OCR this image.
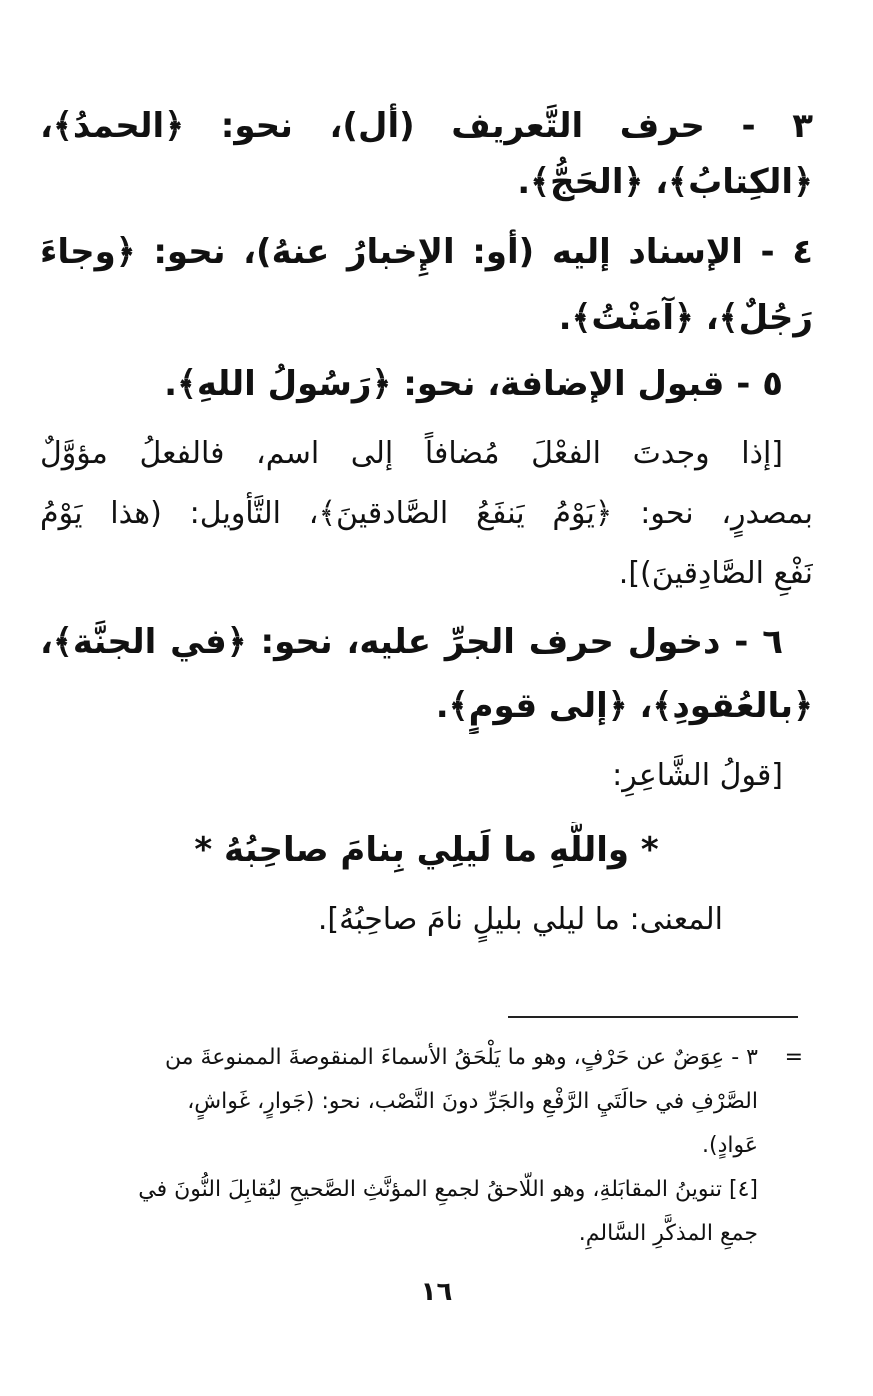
٣ - حرف التَّعريف (أل)، نحو: ﴿الحمدُ﴾،
﴿الكِتابُ﴾، ﴿الحَجُّ﴾.
٤ - الإسناد إليه (أو: الإِخبارُ عنهُ)، نحو: ﴿وجاءَ
رَجُلٌ﴾، ﴿آمَنْتُ﴾.
٥ - قبول الإضافة، نحو: ﴿رَسُولُ اللهِ﴾.
[إذا وجدتَ الفعْلَ مُضافاً إلى اسم، فالفعلُ مؤوَّلٌ
بمصدرٍ، نحو: ﴿يَوْمُ يَنفَعُ الصَّادقينَ﴾، التَّأويل: (هذا يَوْمُ
نَفْعِ الصَّادِقينَ)].
٦ - دخول حرف الجرِّ عليه، نحو: ﴿في الجنَّة﴾،
﴿بالعُقودِ﴾، ﴿إلى قومٍ﴾.
[قولُ الشَّاعِرِ:
* واللَّهِ ما لَيلِي بِنامَ صاحِبُهُ *
المعنى: ما ليلي بليلٍ نامَ صاحِبُهُ].
=
٣ - عِوَضٌ عن حَرْفٍ، وهو ما يَلْحَقُ الأسماءَ المنقوصةَ الممنوعةَ من
الصَّرْفِ في حالَتَيِ الرَّفْعِ والجَرِّ دونَ النَّصْب، نحو: (جَوارٍ، غَواشٍ،
عَوادٍ).
[٤] تنوينُ المقابَلةِ، وهو اللّاحقُ لجمعِ المؤنَّثِ الصَّحيحِ ليُقابِلَ النُّونَ في
جمعِ المذكَّرِ السَّالمِ.
١٦
